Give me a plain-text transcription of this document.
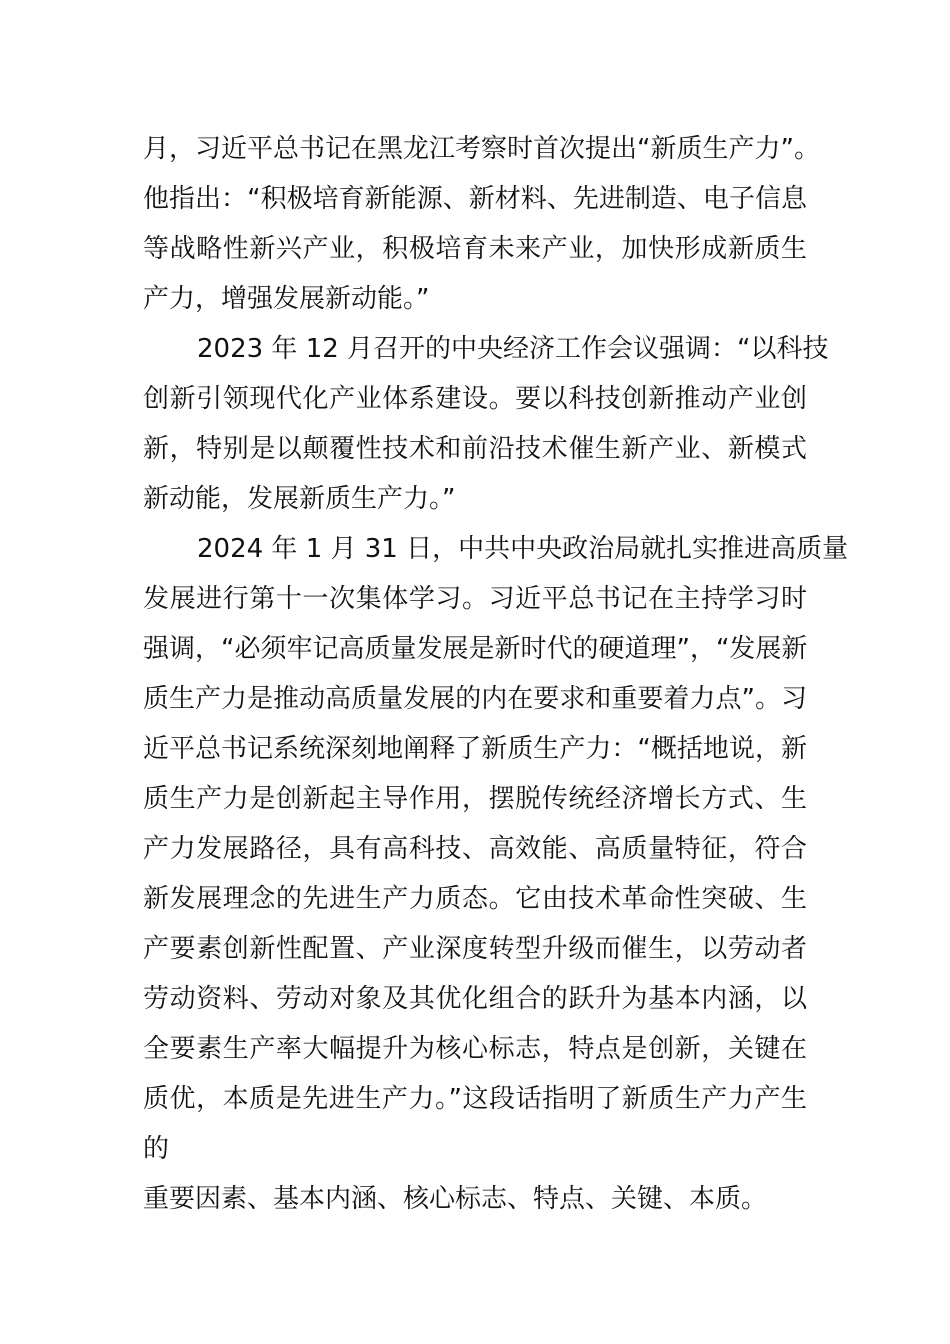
月，习近平总书记在黑龙江考察时首次提出“新质生产力”。
他指出：“积极培育新能源、新材料、先进制造、电子信息
等战略性新兴产业，积极培育未来产业，加快形成新质生
产力，增强发展新动能。”
2023 年 12 月召开的中央经济工作会议强调：“以科技
创新引领现代化产业体系建设。要以科技创新推动产业创
新，特别是以颠覆性技术和前沿技术催生新产业、新模式
新动能，发展新质生产力。”
2024 年 1 月 31 日，中共中央政治局就扎实推进高质量
发展进行第十一次集体学习。习近平总书记在主持学习时
强调，“必须牢记高质量发展是新时代的硬道理”，“发展新
质生产力是推动高质量发展的内在要求和重要着力点”。习
近平总书记系统深刻地阐释了新质生产力：“概括地说，新
质生产力是创新起主导作用，摆脱传统经济增长方式、生
产力发展路径，具有高科技、高效能、高质量特征，符合
新发展理念的先进生产力质态。它由技术革命性突破、生
产要素创新性配置、产业深度转型升级而催生，以劳动者
劳动资料、劳动对象及其优化组合的跃升为基本内涵，以
全要素生产率大幅提升为核心标志，特点是创新，关键在
质优，本质是先进生产力。”这段话指明了新质生产力产生
的
重要因素、基本内涵、核心标志、特点、关键、本质。
